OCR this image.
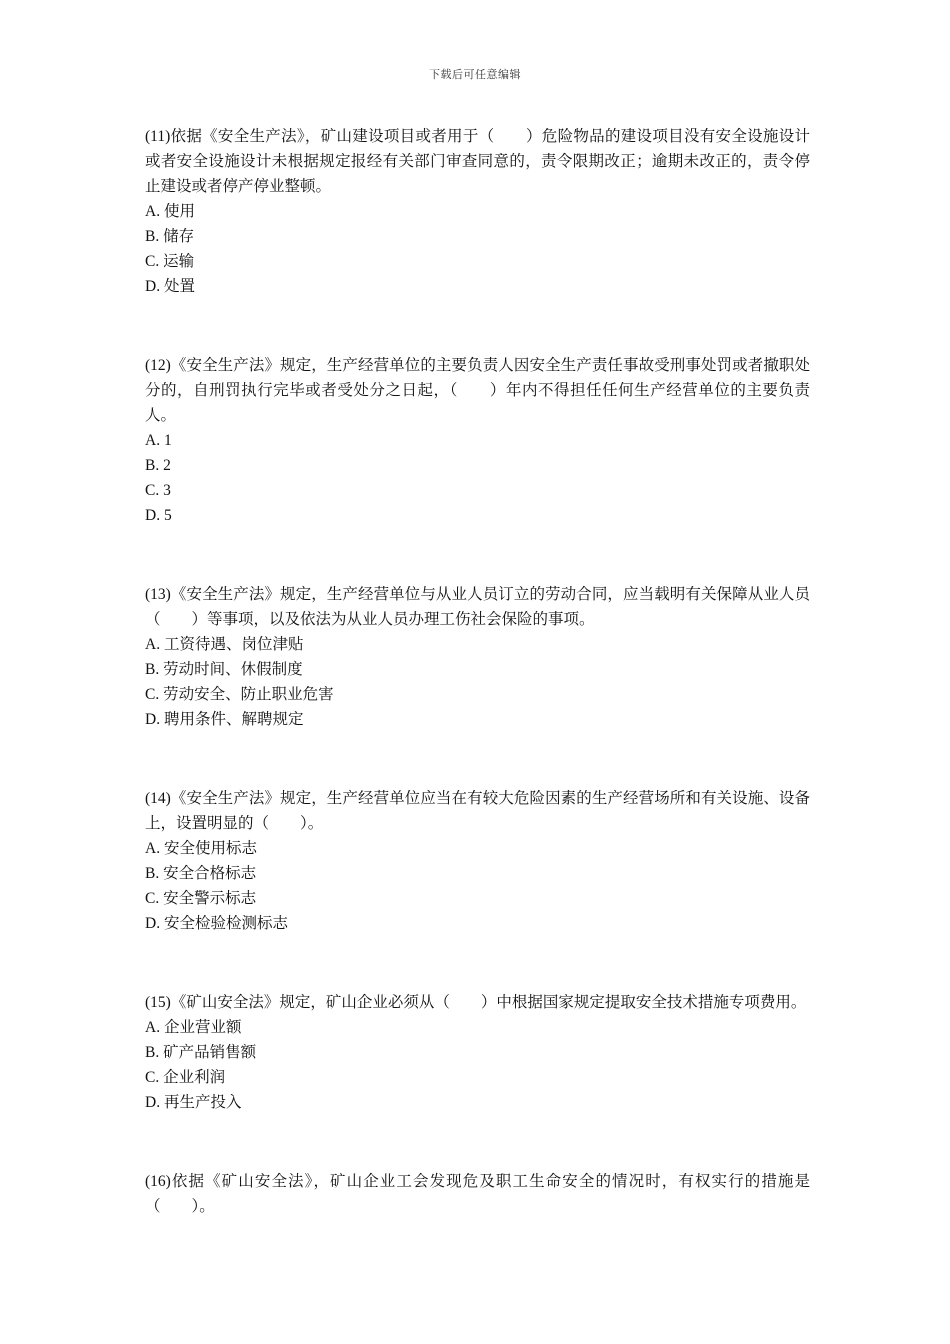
下载后可任意编辑

(11)依据《安全生产法》，矿山建设项目或者用于（　　）危险物品的建设项目没有安全设施设计或者安全设施设计未根据规定报经有关部门审查同意的，责令限期改正；逾期未改正的，责令停止建设或者停产停业整顿。

A. 使用

B. 储存

C. 运输

D. 处置

(12)《安全生产法》规定，生产经营单位的主要负责人因安全生产责任事故受刑事处罚或者撤职处分的，自刑罚执行完毕或者受处分之日起，（　　）年内不得担任任何生产经营单位的主要负责人。

A. 1

B. 2

C. 3

D. 5

(13)《安全生产法》规定，生产经营单位与从业人员订立的劳动合同，应当载明有关保障从业人员（　　）等事项，以及依法为从业人员办理工伤社会保险的事项。

A. 工资待遇、岗位津贴

B. 劳动时间、休假制度

C. 劳动安全、防止职业危害

D. 聘用条件、解聘规定

(14)《安全生产法》规定，生产经营单位应当在有较大危险因素的生产经营场所和有关设施、设备上，设置明显的（　　）。

A. 安全使用标志

B. 安全合格标志

C. 安全警示标志

D. 安全检验检测标志

(15)《矿山安全法》规定，矿山企业必须从（　　）中根据国家规定提取安全技术措施专项费用。

A. 企业营业额

B. 矿产品销售额

C. 企业利润

D. 再生产投入

(16)依据《矿山安全法》，矿山企业工会发现危及职工生命安全的情况时，有权实行的措施是（　　）。
